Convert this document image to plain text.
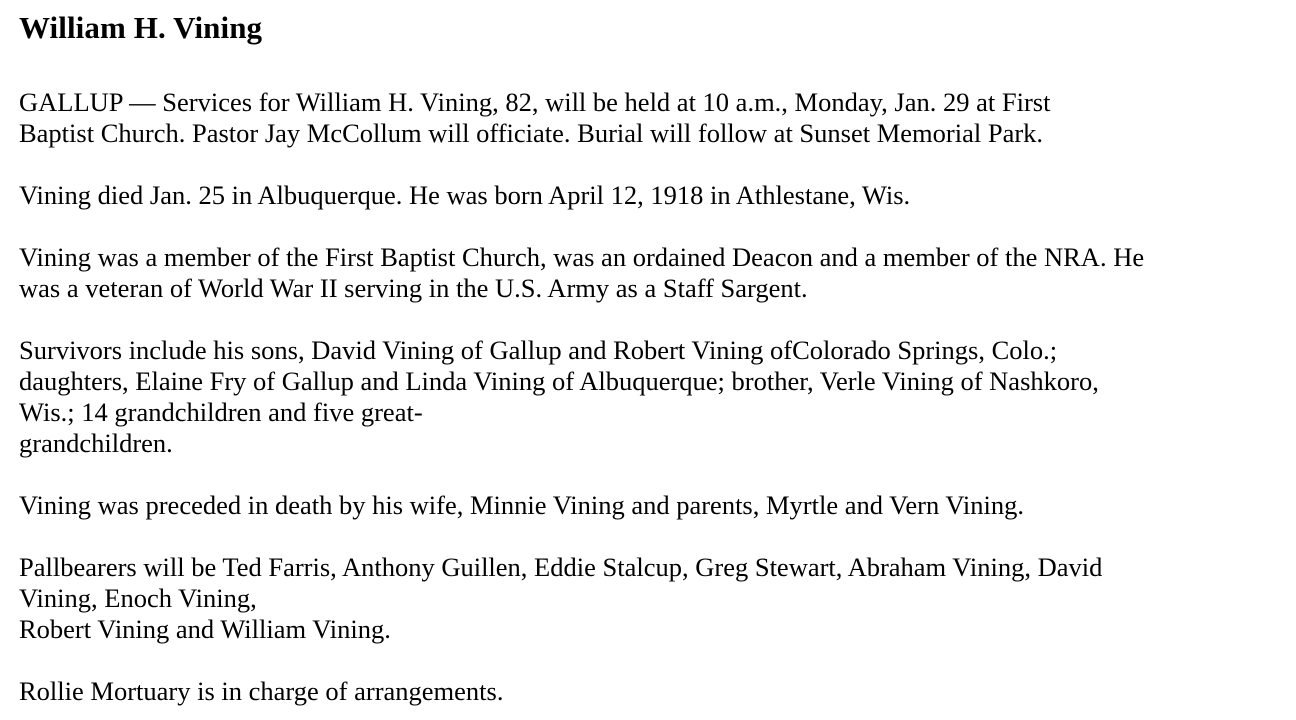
William H. Vining

GALLUP — Services for William H. Vining, 82, will be held at 10 a.m., Monday, Jan. 29 at First
Baptist Church. Pastor Jay McCollum will officiate. Burial will follow at Sunset Memorial Park.

Vining died Jan. 25 in Albuquerque. He was born April 12, 1918 in Athlestane, Wis.

Vining was a member of the First Baptist Church, was an ordained Deacon and a member of the NRA. He
was a veteran of World War II serving in the U.S. Army as a Staff Sargent.

Survivors include his sons, David Vining of Gallup and Robert Vining ofColorado Springs, Colo.;
daughters, Elaine Fry of Gallup and Linda Vining of Albuquerque; brother, Verle Vining of Nashkoro,
Wis.; 14 grandchildren and five great-
grandchildren.

Vining was preceded in death by his wife, Minnie Vining and parents, Myrtle and Vern Vining.

Pallbearers will be Ted Farris, Anthony Guillen, Eddie Stalcup, Greg Stewart, Abraham Vining, David
Vining, Enoch Vining,
Robert Vining and William Vining.

Rollie Mortuary is in charge of arrangements.
